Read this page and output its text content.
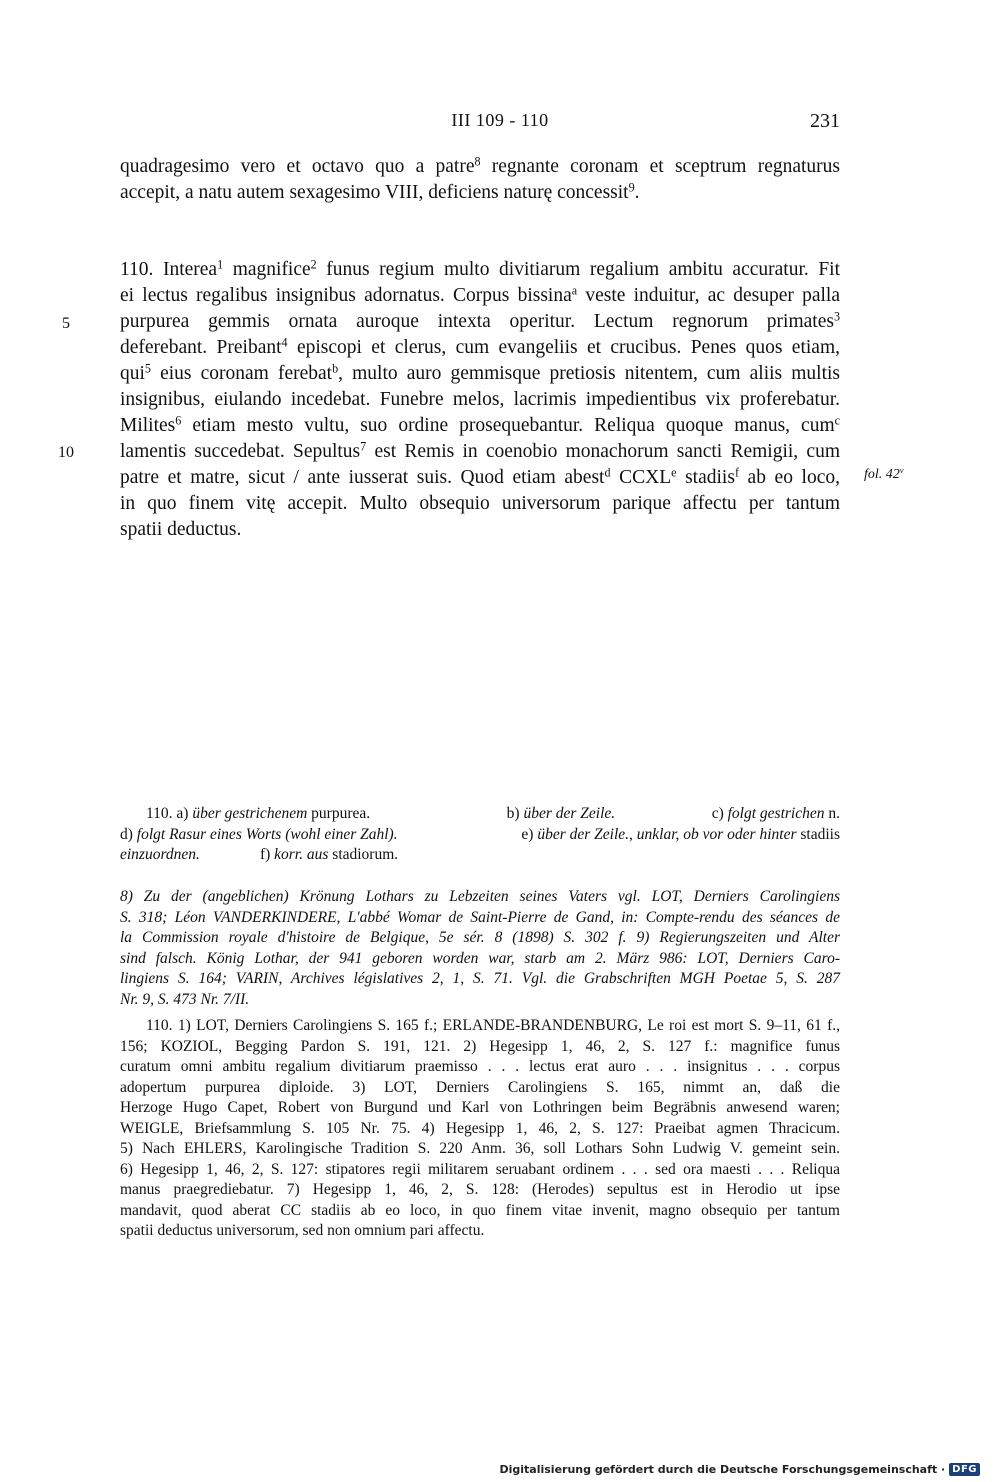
III 109 - 110	231
quadragesimo vero et octavo quo a patre$^8$ regnante coronam et sceptrum regnaturus
accepit, a natu autem sexagesimo VIII, deficiens naturę concessit$^9$.
110. Interea$^1$ magnifice$^2$ funus regium multo divitiarum regalium ambitu accuratur. Fit
ei lectus regalibus insignibus adornatus. Corpus bissina$^a$ veste induitur, ac desuper palla
purpurea gemmis ornata auroque intexta operitur. Lectum regnorum primates$^3$
deferebant. Preibant$^4$ episcopi et clerus, cum evangeliis et crucibus. Penes quos etiam,
qui$^5$ eius coronam ferebat$^b$, multo auro gemmisque pretiosis nitentem, cum aliis multis
insignibus, eiulando incedebat. Funebre melos, lacrimis impedientibus vix proferebatur.
Milites$^6$ etiam mesto vultu, suo ordine prosequebantur. Reliqua quoque manus, cum$^c$
lamentis succedebat. Sepultus$^7$ est Remis in coenobio monachorum sancti Remigii, cum
patre et matre, sicut / ante iusserat suis. Quod etiam abest$^d$ CCXLe stadiis$^f$ ab eo loco,
in quo finem vitę accepit. Multo obsequio universorum parique affectu per tantum
spatii deductus.
5
10
fol. 42$^v$
110. a) über gestrichenem purpurea.	b) über der Zeile.	c) folgt gestrichen n.
d) folgt Rasur eines Worts (wohl einer Zahl).	e) über der Zeile., unklar, ob vor oder hinter stadiis
einzuordnen.	f) korr. aus stadiorum.
8) Zu der (angeblichen) Krönung Lothars zu Lebzeiten seines Vaters vgl. LOT, Derniers Carolingiens
S. 318; Léon VANDERKINDERE, L'abbé Womar de Saint-Pierre de Gand, in: Compte-rendu des séances de
la Commission royale d'histoire de Belgique, 5e sér. 8 (1898) S. 302 f. 9) Regierungszeiten und Alter
sind falsch. König Lothar, der 941 geboren worden war, starb am 2. März 986: LOT, Derniers Caro-
lingiens S. 164; VARIN, Archives législatives 2, 1, S. 71. Vgl. die Grabschriften MGH Poetae 5, S. 287
Nr. 9, S. 473 Nr. 7/II.
110. 1) LOT, Derniers Carolingiens S. 165 f.; ERLANDE-BRANDENBURG, Le roi est mort S. 9–11, 61 f.,
156; KOZIOL, Begging Pardon S. 191, 121. 2) Hegesipp 1, 46, 2, S. 127 f.: magnifice funus
curatum omni ambitu regalium divitiarum praemisso . . . lectus erat auro . . . insignitus . . . corpus
adopertum purpurea diploide. 3) LOT, Derniers Carolingiens S. 165, nimmt an, daß die
Herzoge Hugo Capet, Robert von Burgund und Karl von Lothringen beim Begräbnis anwesend waren;
WEIGLE, Briefsammlung S. 105 Nr. 75. 4) Hegesipp 1, 46, 2, S. 127: Praeibat agmen Thracicum.
5) Nach EHLERS, Karolingische Tradition S. 220 Anm. 36, soll Lothars Sohn Ludwig V. gemeint sein.
6) Hegesipp 1, 46, 2, S. 127: stipatores regii militarem seruabant ordinem . . . sed ora maesti . . . Reliqua
manus praegrediebatur. 7) Hegesipp 1, 46, 2, S. 128: (Herodes) sepultus est in Herodio ut ipse
mandavit, quod aberat CC stadiis ab eo loco, in quo finem vitae invenit, magno obsequio per tantum
spatii deductus universorum, sed non omnium pari affectu.
Digitalisierung gefördert durch die Deutsche Forschungsgemeinschaft · DFG
